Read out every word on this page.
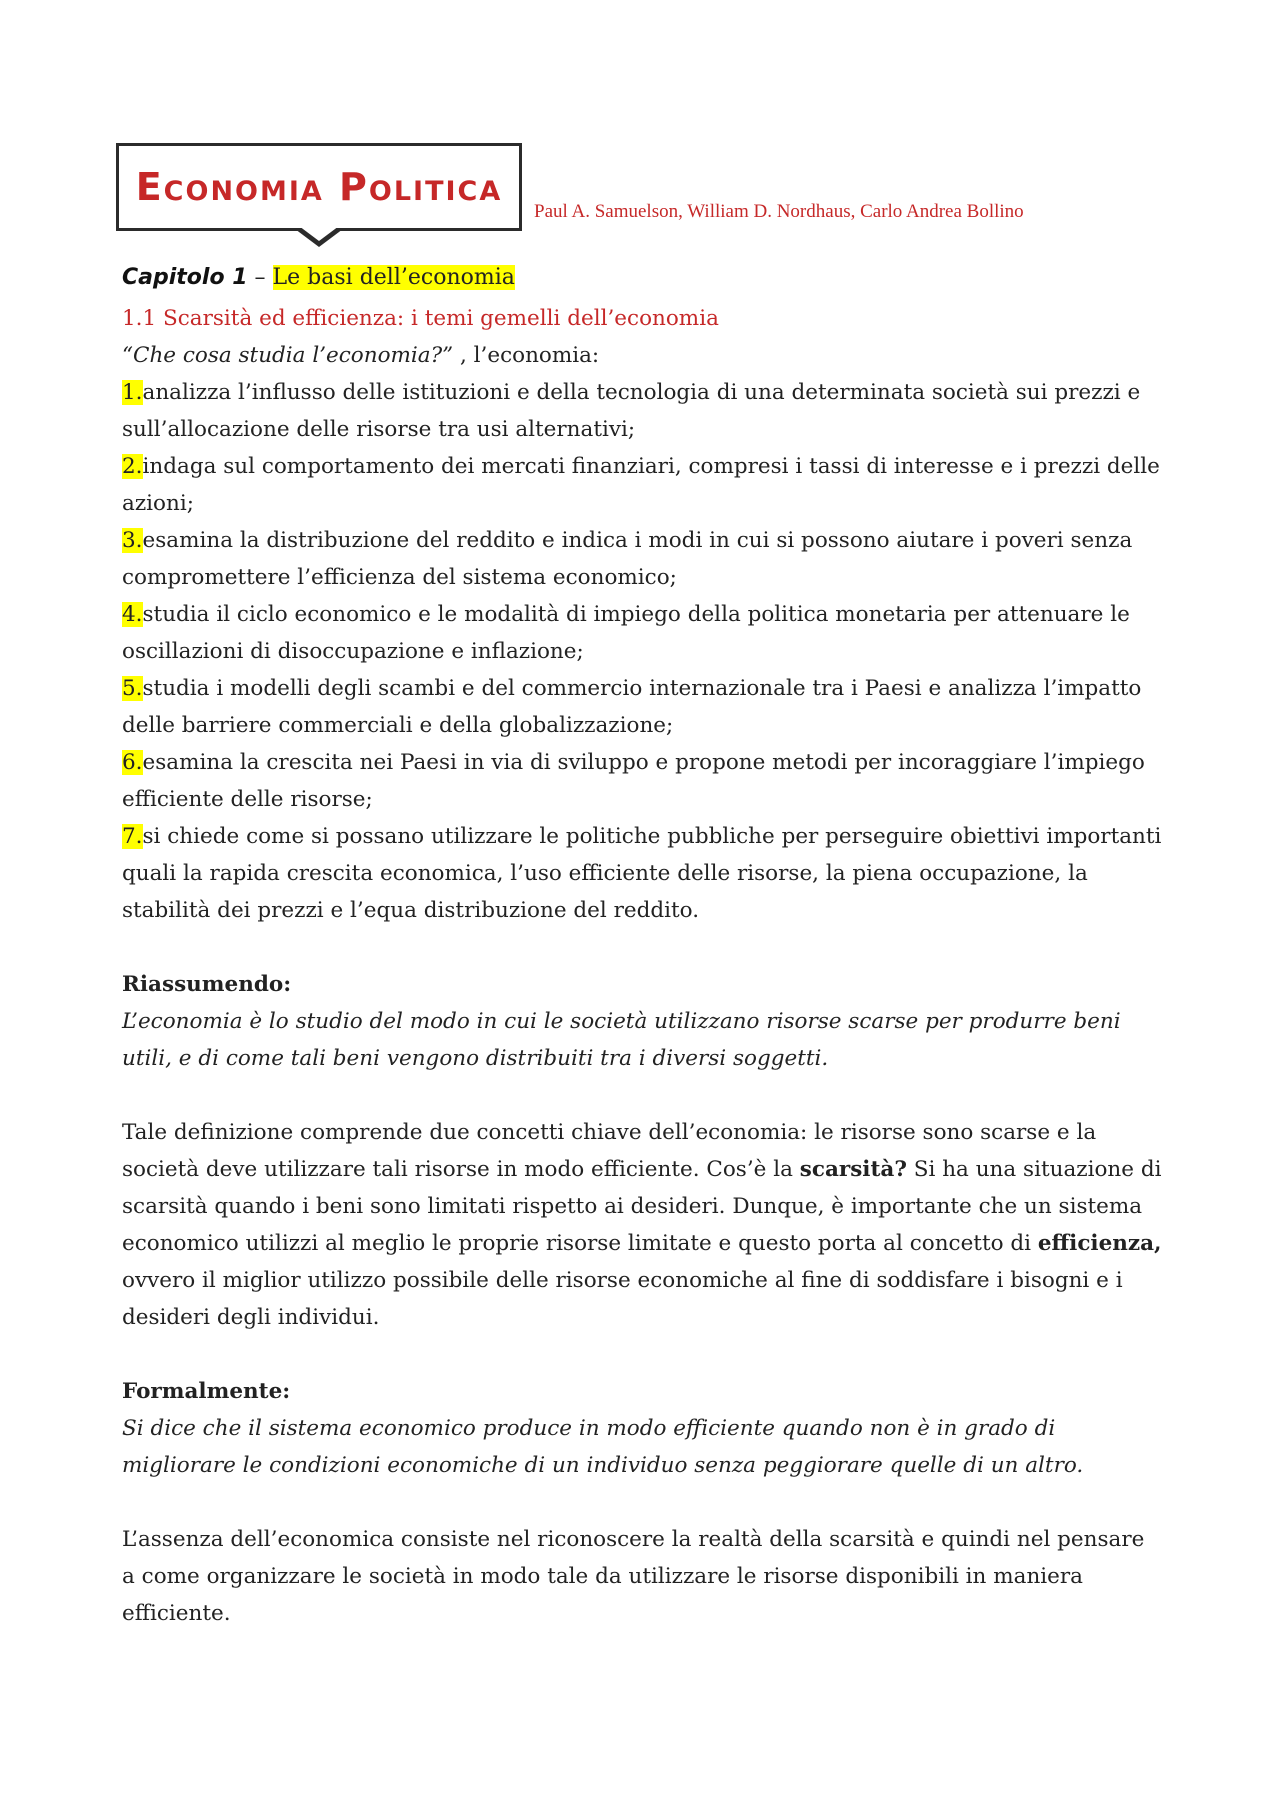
Economia Politica
Paul A. Samuelson, William D. Nordhaus, Carlo Andrea Bollino
Capitolo 1 – Le basi dell’economia

1.1 Scarsità ed efficienza: i temi gemelli dell’economia

“Che cosa studia l’economia?” , l’economia:

1.analizza l’influsso delle istituzioni e della tecnologia di una determinata società sui prezzi e sull’allocazione delle risorse tra usi alternativi;

2.indaga sul comportamento dei mercati finanziari, compresi i tassi di interesse e i prezzi delle azioni;

3.esamina la distribuzione del reddito e indica i modi in cui si possono aiutare i poveri senza compromettere l’efficienza del sistema economico;

4.studia il ciclo economico e le modalità di impiego della politica monetaria per attenuare le oscillazioni di disoccupazione e inflazione;

5.studia i modelli degli scambi e del commercio internazionale tra i Paesi e analizza l’impatto delle barriere commerciali e della globalizzazione;

6.esamina la crescita nei Paesi in via di sviluppo e propone metodi per incoraggiare l’impiego efficiente delle risorse;

7.si chiede come si possano utilizzare le politiche pubbliche per perseguire obiettivi importanti quali la rapida crescita economica, l’uso efficiente delle risorse, la piena occupazione, la stabilità dei prezzi e l’equa distribuzione del reddito.

Riassumendo:

L’economia è lo studio del modo in cui le società utilizzano risorse scarse per produrre beni utili, e di come tali beni vengono distribuiti tra i diversi soggetti.

Tale definizione comprende due concetti chiave dell’economia: le risorse sono scarse e la società deve utilizzare tali risorse in modo efficiente. Cos’è la scarsità? Si ha una situazione di scarsità quando i beni sono limitati rispetto ai desideri. Dunque, è importante che un sistema economico utilizzi al meglio le proprie risorse limitate e questo porta al concetto di efficienza, ovvero il miglior utilizzo possibile delle risorse economiche al fine di soddisfare i bisogni e i desideri degli individui.

Formalmente:

Si dice che il sistema economico produce in modo efficiente quando non è in grado di migliorare le condizioni economiche di un individuo senza peggiorare quelle di un altro.

L’assenza dell’economica consiste nel riconoscere la realtà della scarsità e quindi nel pensare a come organizzare le società in modo tale da utilizzare le risorse disponibili in maniera efficiente.
